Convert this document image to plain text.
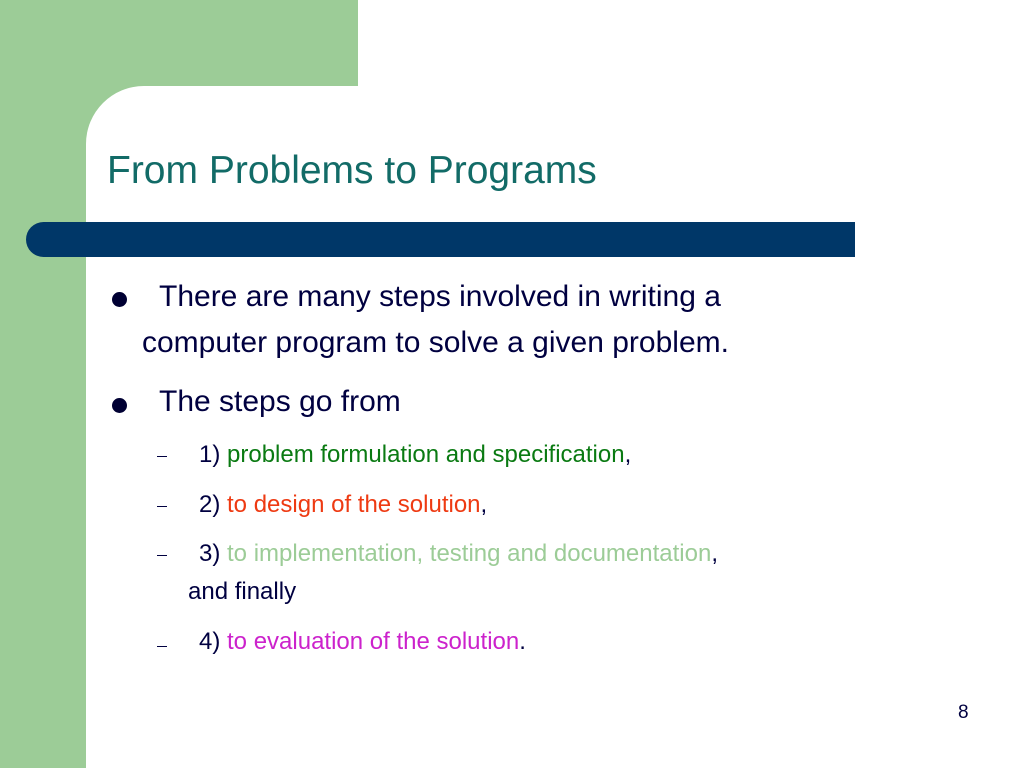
From Problems to Programs
There are many steps involved in writing a
computer program to solve a given problem.
The steps go from
1) problem formulation and specification,
2) to design of the solution,
3) to implementation, testing and documentation,
and finally
4) to evaluation of the solution.
8
